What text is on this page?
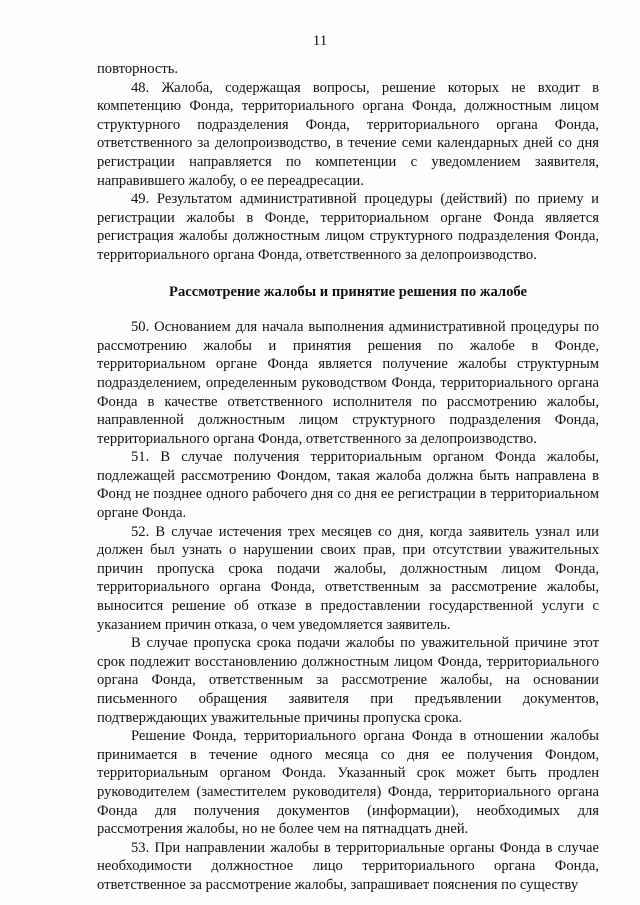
11

повторность.

48. Жалоба, содержащая вопросы, решение которых не входит в компетенцию Фонда, территориального органа Фонда, должностным лицом структурного подразделения Фонда, территориального органа Фонда, ответственного за делопроизводство, в течение семи календарных дней со дня регистрации направляется по компетенции с уведомлением заявителя, направившего жалобу, о ее переадресации.

49. Результатом административной процедуры (действий) по приему и регистрации жалобы в Фонде, территориальном органе Фонда является регистрация жалобы должностным лицом структурного подразделения Фонда, территориального органа Фонда, ответственного за делопроизводство.

Рассмотрение жалобы и принятие решения по жалобе

50. Основанием для начала выполнения административной процедуры по рассмотрению жалобы и принятия решения по жалобе в Фонде, территориальном органе Фонда является получение жалобы структурным подразделением, определенным руководством Фонда, территориального органа Фонда в качестве ответственного исполнителя по рассмотрению жалобы, направленной должностным лицом структурного подразделения Фонда, территориального органа Фонда, ответственного за делопроизводство.

51. В случае получения территориальным органом Фонда жалобы, подлежащей рассмотрению Фондом, такая жалоба должна быть направлена в Фонд не позднее одного рабочего дня со дня ее регистрации в территориальном органе Фонда.

52. В случае истечения трех месяцев со дня, когда заявитель узнал или должен был узнать о нарушении своих прав, при отсутствии уважительных причин пропуска срока подачи жалобы, должностным лицом Фонда, территориального органа Фонда, ответственным за рассмотрение жалобы, выносится решение об отказе в предоставлении государственной услуги с указанием причин отказа, о чем уведомляется заявитель.

В случае пропуска срока подачи жалобы по уважительной причине этот срок подлежит восстановлению должностным лицом Фонда, территориального органа Фонда, ответственным за рассмотрение жалобы, на основании письменного обращения заявителя при предъявлении документов, подтверждающих уважительные причины пропуска срока.

Решение Фонда, территориального органа Фонда в отношении жалобы принимается в течение одного месяца со дня ее получения Фондом, территориальным органом Фонда. Указанный срок может быть продлен руководителем (заместителем руководителя) Фонда, территориального органа Фонда для получения документов (информации), необходимых для рассмотрения жалобы, но не более чем на пятнадцать дней.

53. При направлении жалобы в территориальные органы Фонда в случае необходимости должностное лицо территориального органа Фонда, ответственное за рассмотрение жалобы, запрашивает пояснения по существу
